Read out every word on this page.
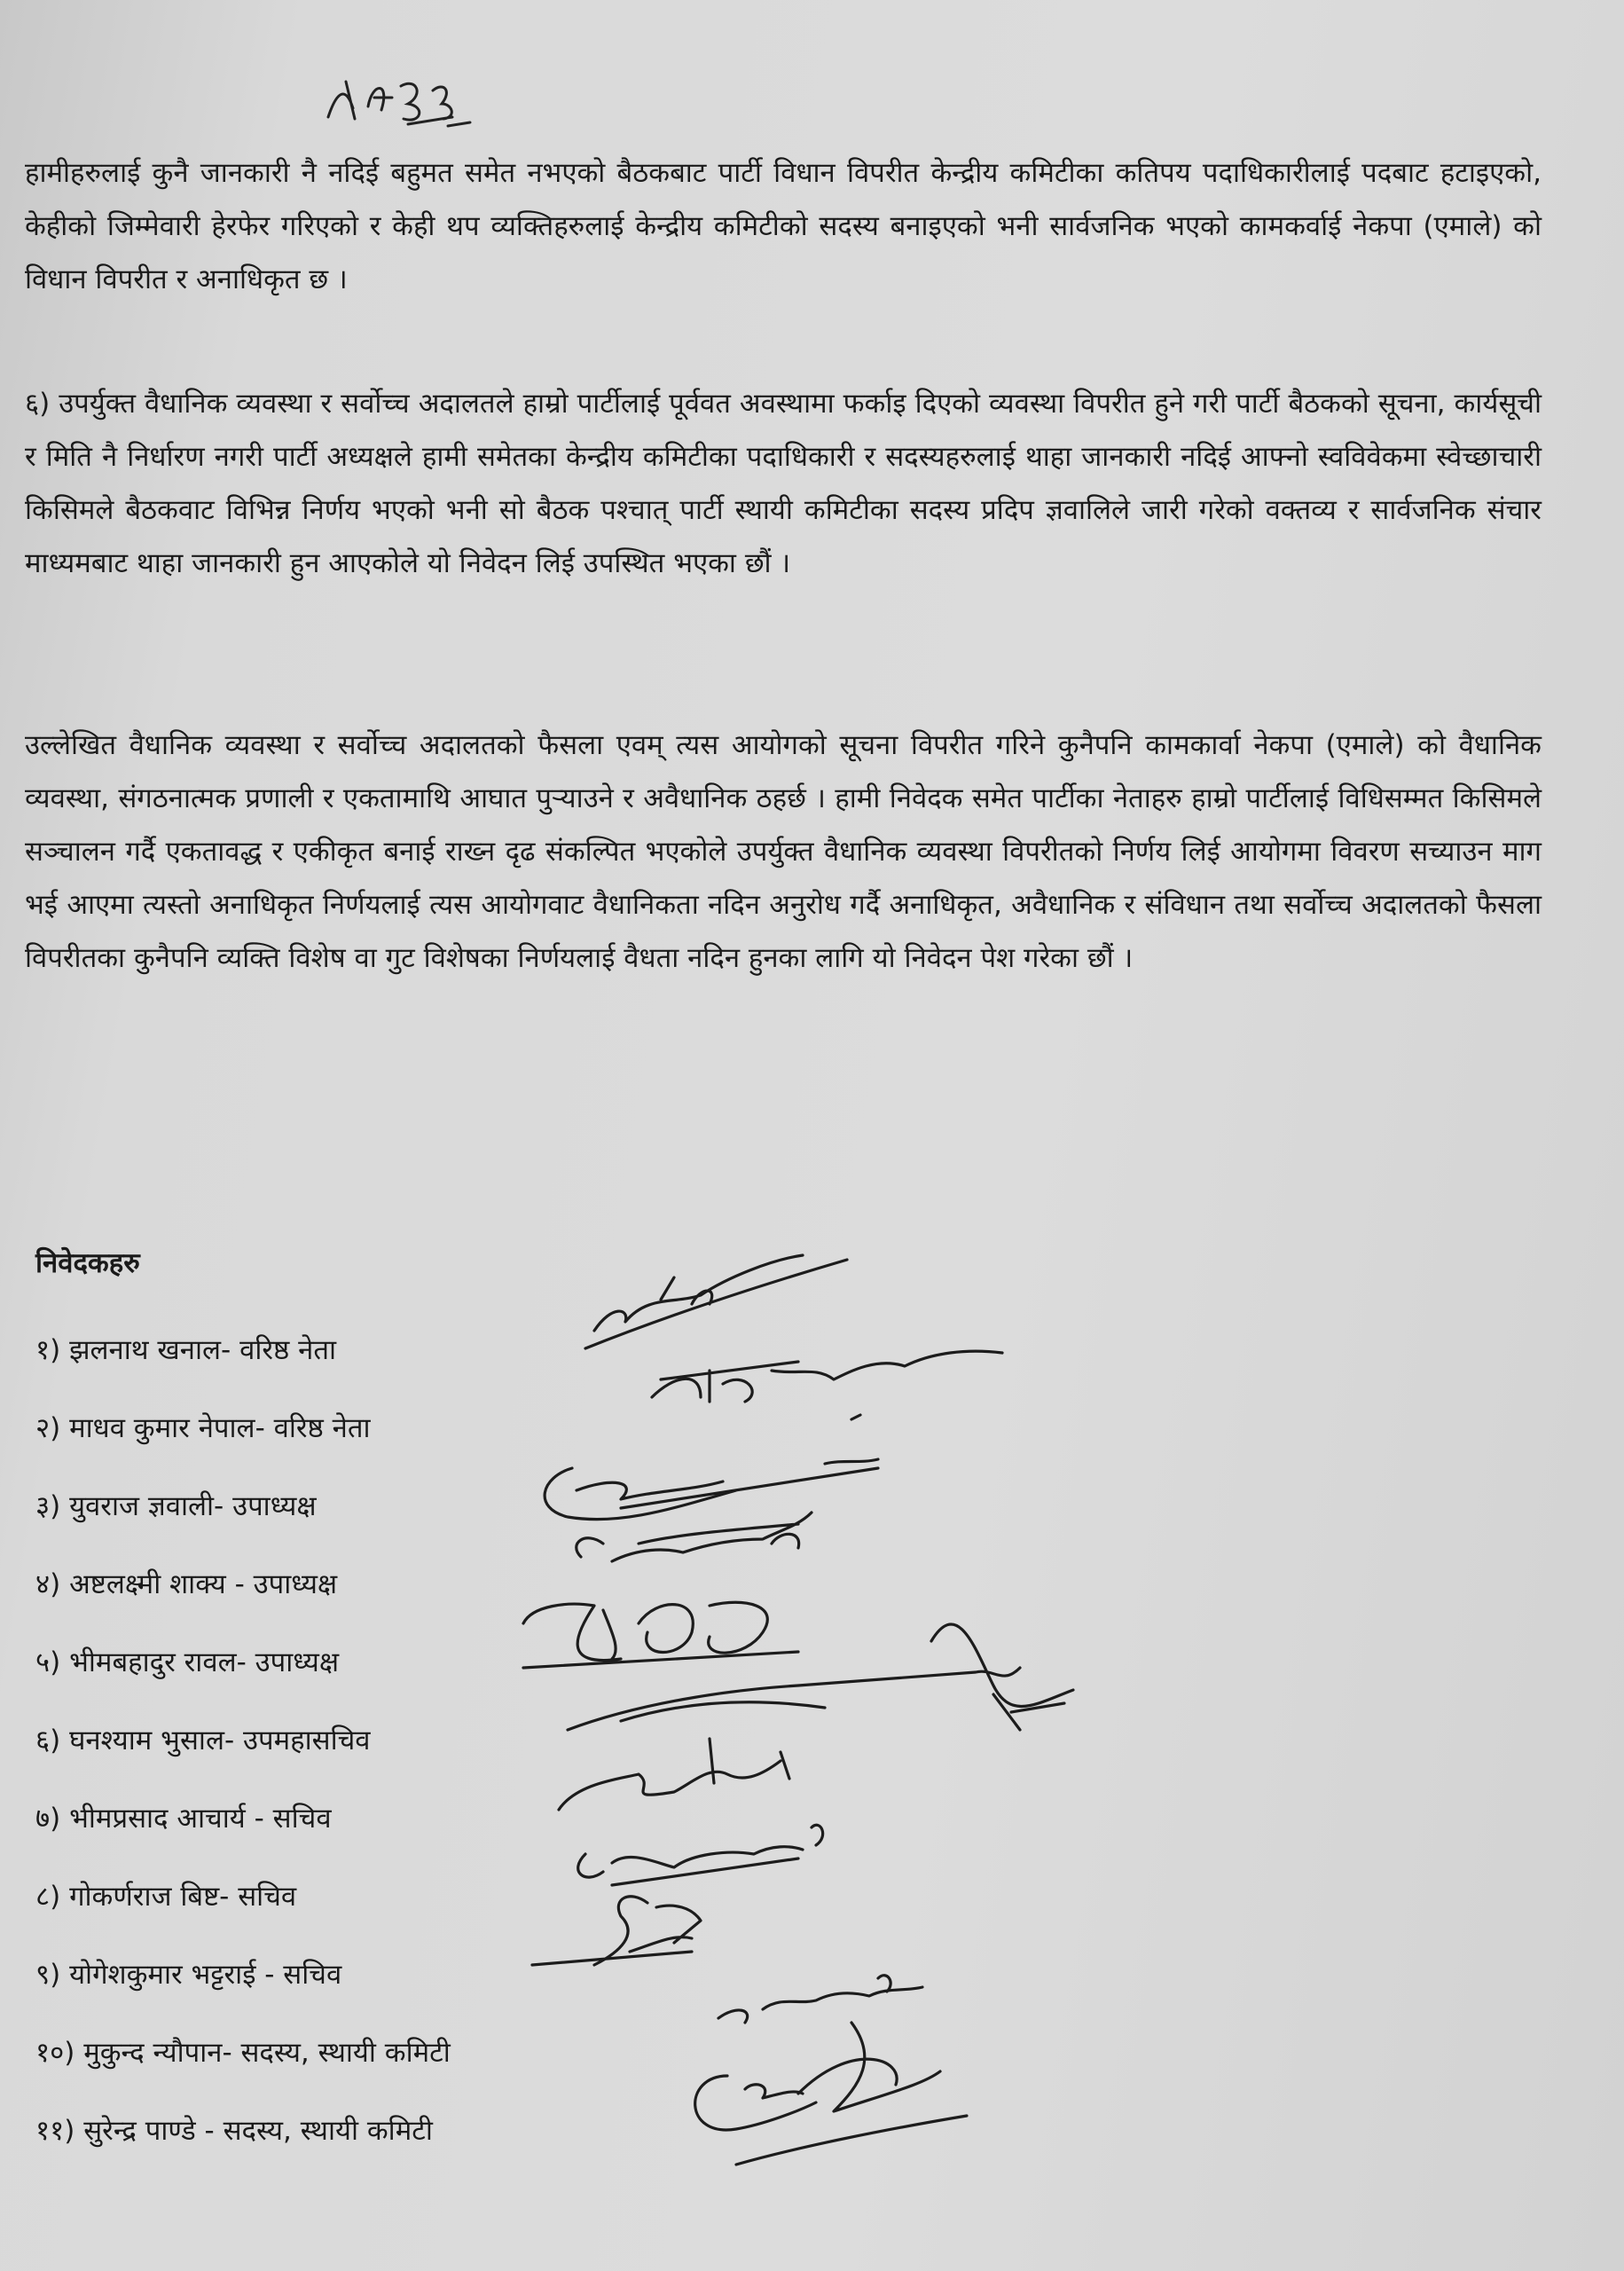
हामीहरुलाई कुनै जानकारी नै नदिई बहुमत समेत नभएको बैठकबाट पार्टी विधान विपरीत केन्द्रीय कमिटीका कतिपय पदाधिकारीलाई पदबाट हटाइएको, केहीको जिम्मेवारी हेरफेर गरिएको र केही थप व्यक्तिहरुलाई केन्द्रीय कमिटीको सदस्य बनाइएको भनी सार्वजनिक भएको कामकर्वाई नेकपा (एमाले) को विधान विपरीत र अनाधिकृत छ ।

६) उपर्युक्त वैधानिक व्यवस्था र सर्वोच्च अदालतले हाम्रो पार्टीलाई पूर्ववत अवस्थामा फर्काइ दिएको व्यवस्था विपरीत हुने गरी पार्टी बैठकको सूचना, कार्यसूची र मिति नै निर्धारण नगरी पार्टी अध्यक्षले हामी समेतका केन्द्रीय कमिटीका पदाधिकारी र सदस्यहरुलाई थाहा जानकारी नदिई आफ्नो स्वविवेकमा स्वेच्छाचारी किसिमले बैठकवाट विभिन्न निर्णय भएको भनी सो बैठक पश्चात् पार्टी स्थायी कमिटीका सदस्य प्रदिप ज्ञवालिले जारी गरेको वक्तव्य र सार्वजनिक संचार माध्यमबाट थाहा जानकारी हुन आएकोले यो निवेदन लिई उपस्थित भएका छौं ।

उल्लेखित वैधानिक व्यवस्था र सर्वोच्च अदालतको फैसला एवम् त्यस आयोगको सूचना विपरीत गरिने कुनैपनि कामकार्वा नेकपा (एमाले) को वैधानिक व्यवस्था, संगठनात्मक प्रणाली र एकतामाथि आघात पुऱ्याउने र अवैधानिक ठहर्छ । हामी निवेदक समेत पार्टीका नेताहरु हाम्रो पार्टीलाई विधिसम्मत किसिमले सञ्चालन गर्दै एकतावद्ध र एकीकृत बनाई राख्न दृढ संकल्पित भएकोले उपर्युक्त वैधानिक व्यवस्था विपरीतको निर्णय लिई आयोगमा विवरण सच्याउन माग भई आएमा त्यस्तो अनाधिकृत निर्णयलाई त्यस आयोगवाट वैधानिकता नदिन अनुरोध गर्दै अनाधिकृत, अवैधानिक र संविधान तथा सर्वोच्च अदालतको फैसला विपरीतका कुनैपनि व्यक्ति विशेष वा गुट विशेषका निर्णयलाई वैधता नदिन हुनका लागि यो निवेदन पेश गरेका छौं ।

निवेदकहरु
१) झलनाथ खनाल- वरिष्ठ नेता
२) माधव कुमार नेपाल- वरिष्ठ नेता
३) युवराज ज्ञवाली- उपाध्यक्ष
४) अष्टलक्ष्मी शाक्य - उपाध्यक्ष
५) भीमबहादुर रावल- उपाध्यक्ष
६) घनश्याम भुसाल- उपमहासचिव
७) भीमप्रसाद आचार्य - सचिव
८) गोकर्णराज बिष्ट- सचिव
९) योगेशकुमार भट्टराई - सचिव
१०) मुकुन्द न्यौपान- सदस्य, स्थायी कमिटी
११) सुरेन्द्र पाण्डे - सदस्य, स्थायी कमिटी
